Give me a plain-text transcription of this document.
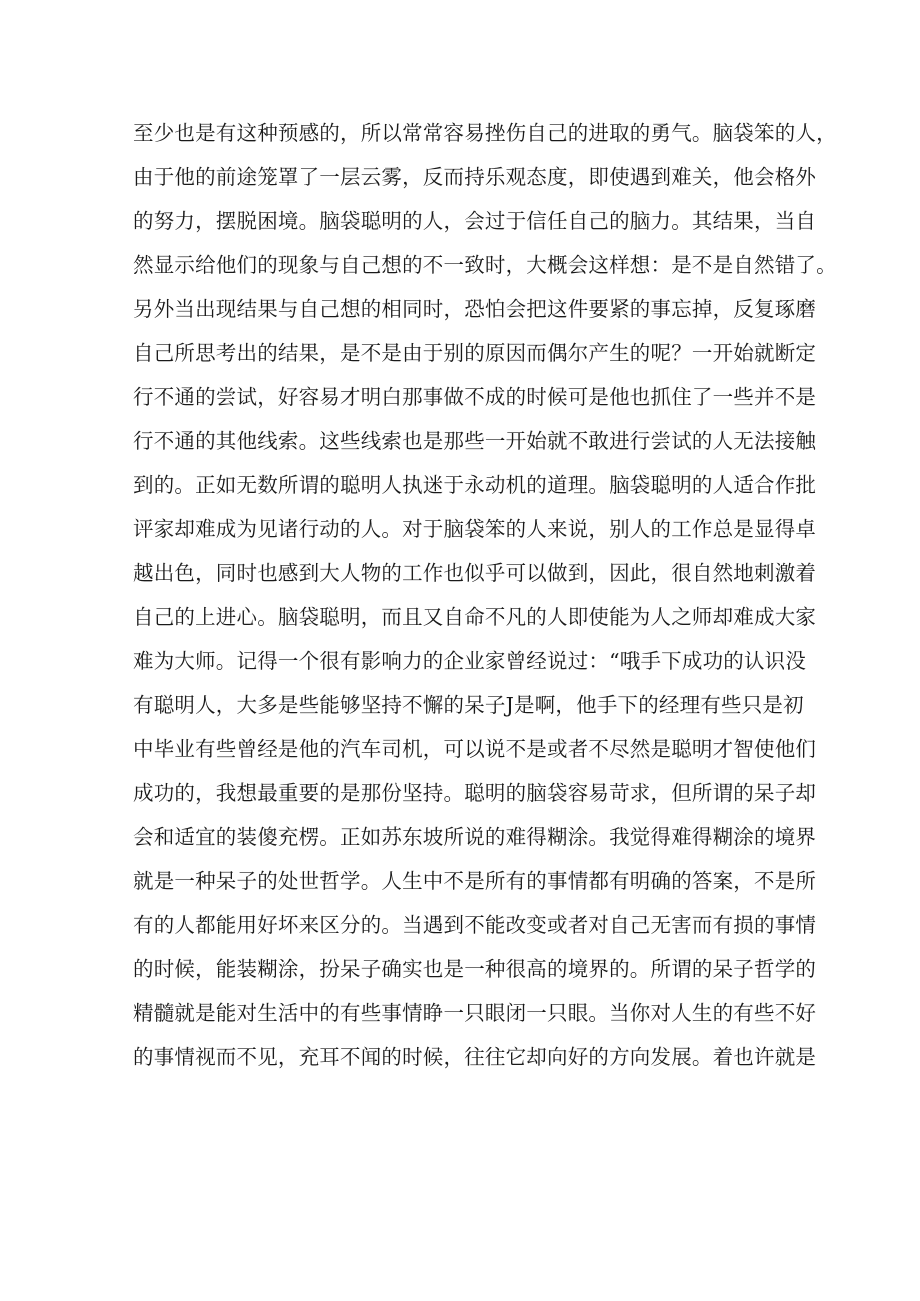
至少也是有这种预感的，所以常常容易挫伤自己的进取的勇气。脑袋笨的人，
由于他的前途笼罩了一层云雾，反而持乐观态度，即使遇到难关，他会格外
的努力，摆脱困境。脑袋聪明的人，会过于信任自己的脑力。其结果，当自
然显示给他们的现象与自己想的不一致时，大概会这样想：是不是自然错了。
另外当出现结果与自己想的相同时，恐怕会把这件要紧的事忘掉，反复琢磨
自己所思考出的结果，是不是由于别的原因而偶尔产生的呢？一开始就断定
行不通的尝试，好容易才明白那事做不成的时候可是他也抓住了一些并不是
行不通的其他线索。这些线索也是那些一开始就不敢进行尝试的人无法接触
到的。正如无数所谓的聪明人执迷于永动机的道理。脑袋聪明的人适合作批
评家却难成为见诸行动的人。对于脑袋笨的人来说，别人的工作总是显得卓
越出色，同时也感到大人物的工作也似乎可以做到，因此，很自然地刺激着
自己的上进心。脑袋聪明，而且又自命不凡的人即使能为人之师却难成大家
难为大师。记得一个很有影响力的企业家曾经说过：“哦手下成功的认识没
有聪明人，大多是些能够坚持不懈的呆子J是啊，他手下的经理有些只是初
中毕业有些曾经是他的汽车司机，可以说不是或者不尽然是聪明才智使他们
成功的，我想最重要的是那份坚持。聪明的脑袋容易苛求，但所谓的呆子却
会和适宜的装傻充楞。正如苏东坡所说的难得糊涂。我觉得难得糊涂的境界
就是一种呆子的处世哲学。人生中不是所有的事情都有明确的答案，不是所
有的人都能用好坏来区分的。当遇到不能改变或者对自己无害而有损的事情
的时候，能装糊涂，扮呆子确实也是一种很高的境界的。所谓的呆子哲学的
精髓就是能对生活中的有些事情睁一只眼闭一只眼。当你对人生的有些不好
的事情视而不见，充耳不闻的时候，往往它却向好的方向发展。着也许就是
